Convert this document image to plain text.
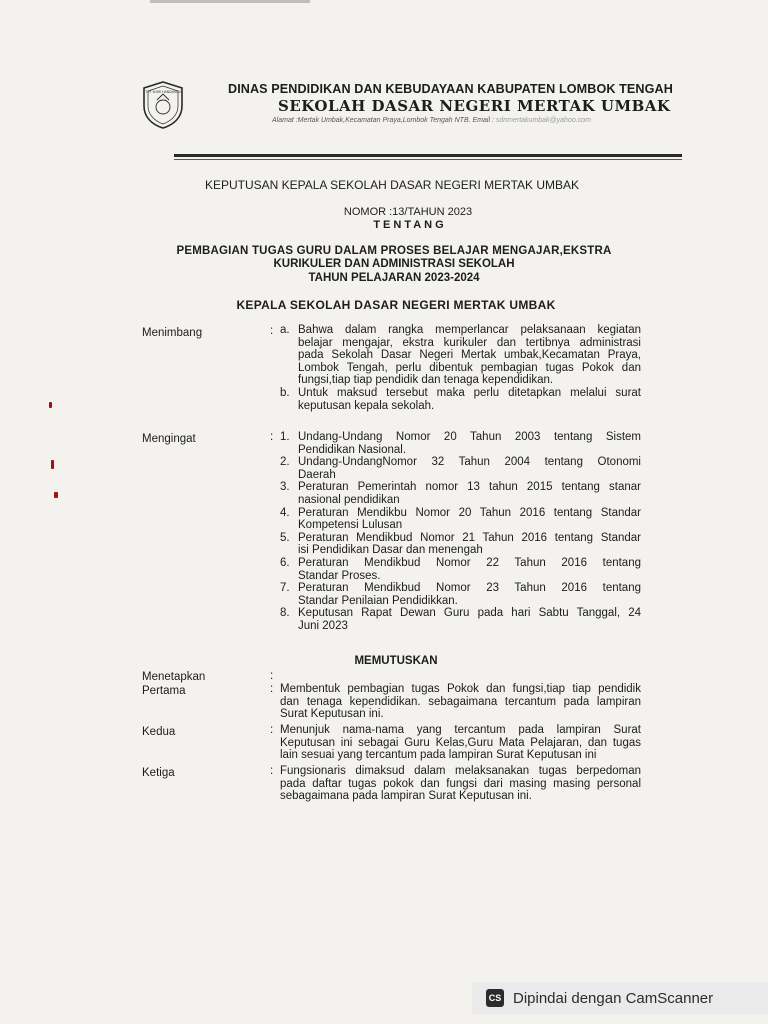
TUT WURI HANDAYANI	DINAS PENDIDIKAN DAN KEBUDAYAAN KABUPATEN LOMBOK TENGAH
SEKOLAH DASAR NEGERI MERTAK UMBAK
Alamat :Mertak Umbak,Kecamatan Praya,Lombok Tengah NTB. Email : sdnmertakumbak@yahoo.com
KEPUTUSAN KEPALA SEKOLAH DASAR NEGERI MERTAK UMBAK
NOMOR :13/TAHUN 2023
TENTANG
PEMBAGIAN TUGAS GURU DALAM PROSES BELAJAR MENGAJAR,EKSTRA
KURIKULER DAN ADMINISTRASI SEKOLAH
TAHUN PELAJARAN 2023-2024
KEPALA SEKOLAH DASAR NEGERI MERTAK UMBAK
Menimbang	: a. Bahwa dalam rangka memperlancar pelaksanaan kegiatan
belajar mengajar, ekstra kurikuler dan tertibnya administrasi
pada Sekolah Dasar Negeri Mertak umbak,Kecamatan Praya,
Lombok Tengah, perlu dibentuk pembagian tugas Pokok dan
fungsi,tiap tiap pendidik dan tenaga kependidikan.
b. Untuk maksud tersebut maka perlu ditetapkan melalui surat
keputusan kepala sekolah.
Mengingat	: 1. Undang-Undang Nomor 20 Tahun 2003 tentang Sistem
Pendidikan Nasional.
2. Undang-UndangNomor 32 Tahun 2004 tentang Otonomi
Daerah
3. Peraturan Pemerintah nomor 13 tahun 2015 tentang stanar
nasional pendidikan
4. Peraturan Mendikbu Nomor 20 Tahun 2016 tentang Standar
Kompetensi Lulusan
5. Peraturan Mendikbud Nomor 21 Tahun 2016 tentang Standar
isi Pendidikan Dasar dan menengah
6. Peraturan Mendikbud Nomor 22 Tahun 2016 tentang
Standar Proses.
7. Peraturan Mendikbud Nomor 23 Tahun 2016 tentang
Standar Penilaian Pendidikkan.
8. Keputusan Rapat Dewan Guru pada hari Sabtu Tanggal, 24
Juni 2023
MEMUTUSKAN
Menetapkan	:
Pertama	: Membentuk pembagian tugas Pokok dan fungsi,tiap tiap pendidik
dan tenaga kependidikan. sebagaimana tercantum pada lampiran
Surat Keputusan ini.
Kedua	: Menunjuk nama-nama yang tercantum pada lampiran Surat
Keputusan ini sebagai Guru Kelas,Guru Mata Pelajaran, dan tugas
lain sesuai yang tercantum pada lampiran Surat Keputusan ini
Ketiga	: Fungsionaris dimaksud dalam melaksanakan tugas berpedoman
pada daftar tugas pokok dan fungsi dari masing masing personal
sebagaimana pada lampiran Surat Keputusan ini.
CS Dipindai dengan CamScanner
